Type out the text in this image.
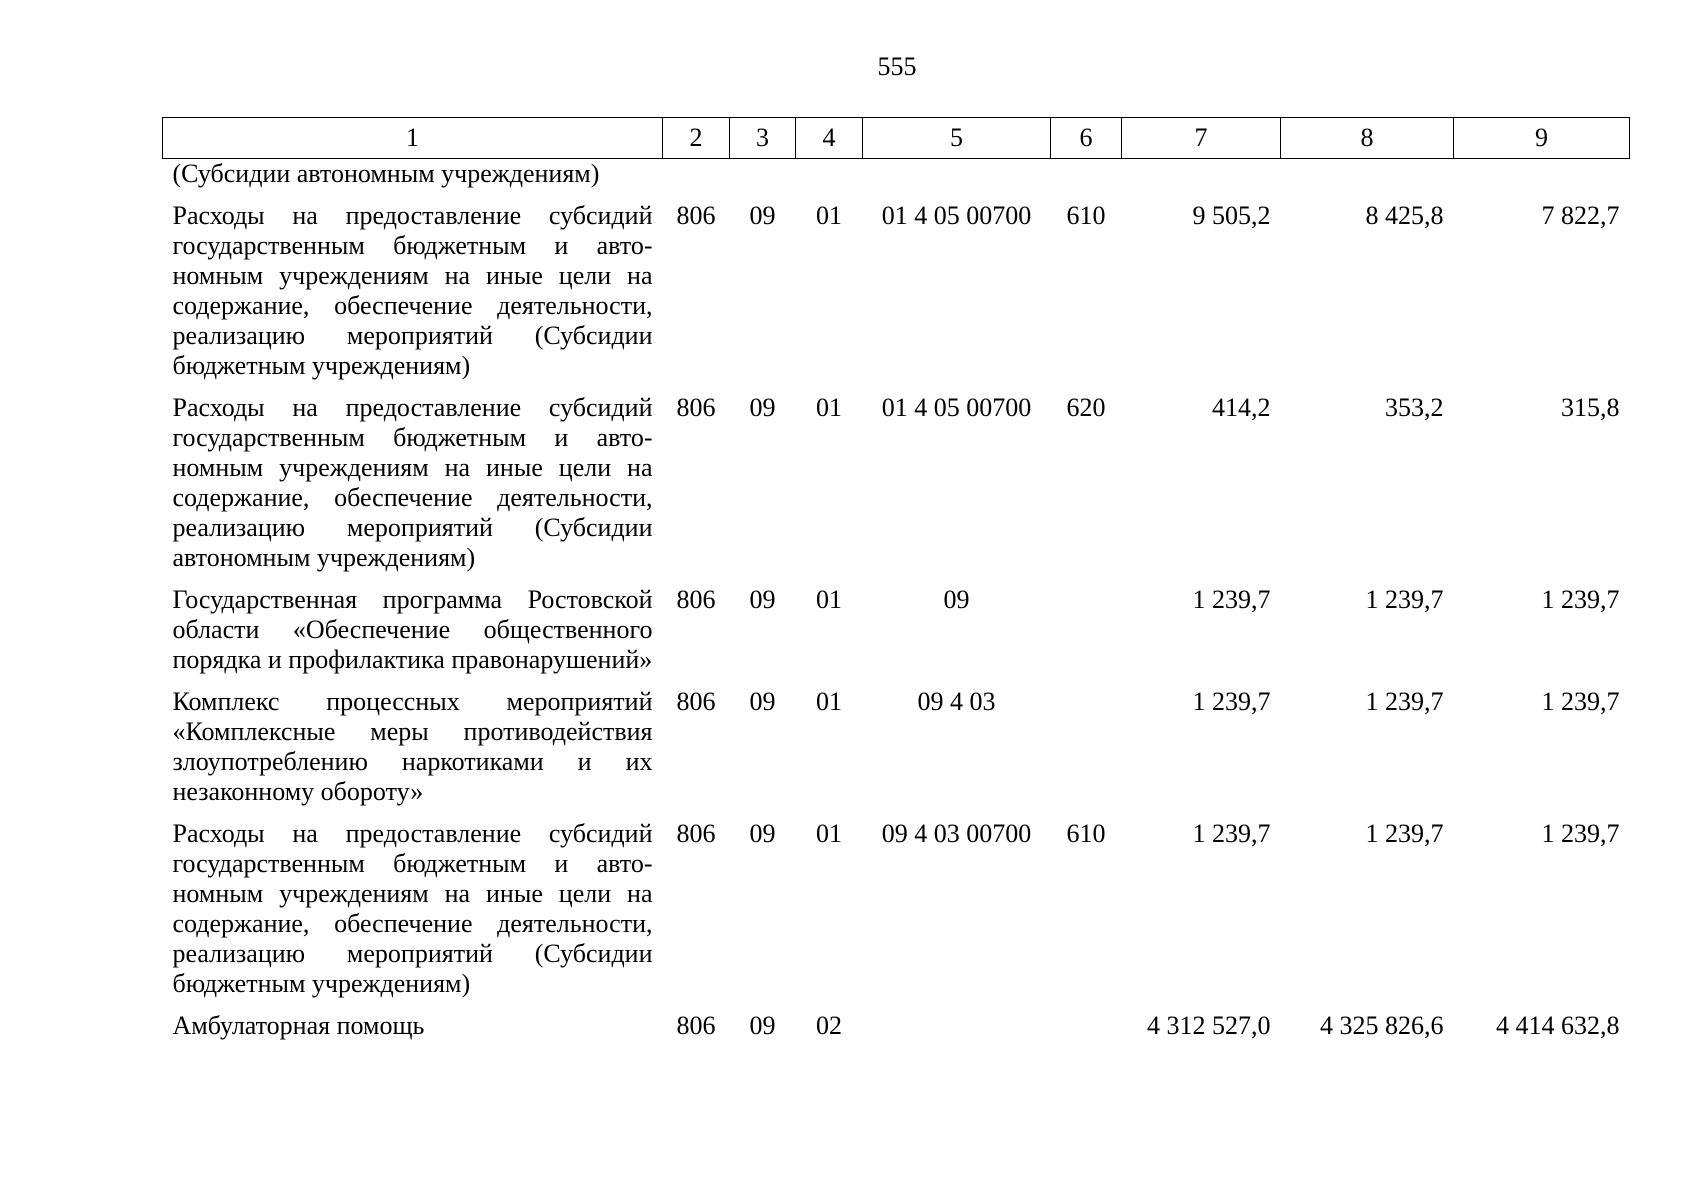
555
1	2	3	4	5	6	7	8	9
(Субсидии автономным учреждениям)								
Расходы на предоставление субсидий государственным бюджетным и автономным учреждениям на иные цели на содержание, обеспечение деятельности, реализацию мероприятий (Субсидии бюджетным учреждениям)	806	09	01	01 4 05 00700	610	9 505,2	8 425,8	7 822,7
Расходы на предоставление субсидий государственным бюджетным и автономным учреждениям на иные цели на содержание, обеспечение деятельности, реализацию мероприятий (Субсидии автономным учреждениям)	806	09	01	01 4 05 00700	620	414,2	353,2	315,8
Государственная программа Ростовской области «Обеспечение общественного порядка и профилактика правонарушений»	806	09	01	09		1 239,7	1 239,7	1 239,7
Комплекс процессных мероприятий «Комплексные меры противодействия злоупотреблению наркотиками и их незаконному обороту»	806	09	01	09 4 03		1 239,7	1 239,7	1 239,7
Расходы на предоставление субсидий государственным бюджетным и автономным учреждениям на иные цели на содержание, обеспечение деятельности, реализацию мероприятий (Субсидии бюджетным учреждениям)	806	09	01	09 4 03 00700	610	1 239,7	1 239,7	1 239,7
Амбулаторная помощь	806	09	02			4 312 527,0	4 325 826,6	4 414 632,8
